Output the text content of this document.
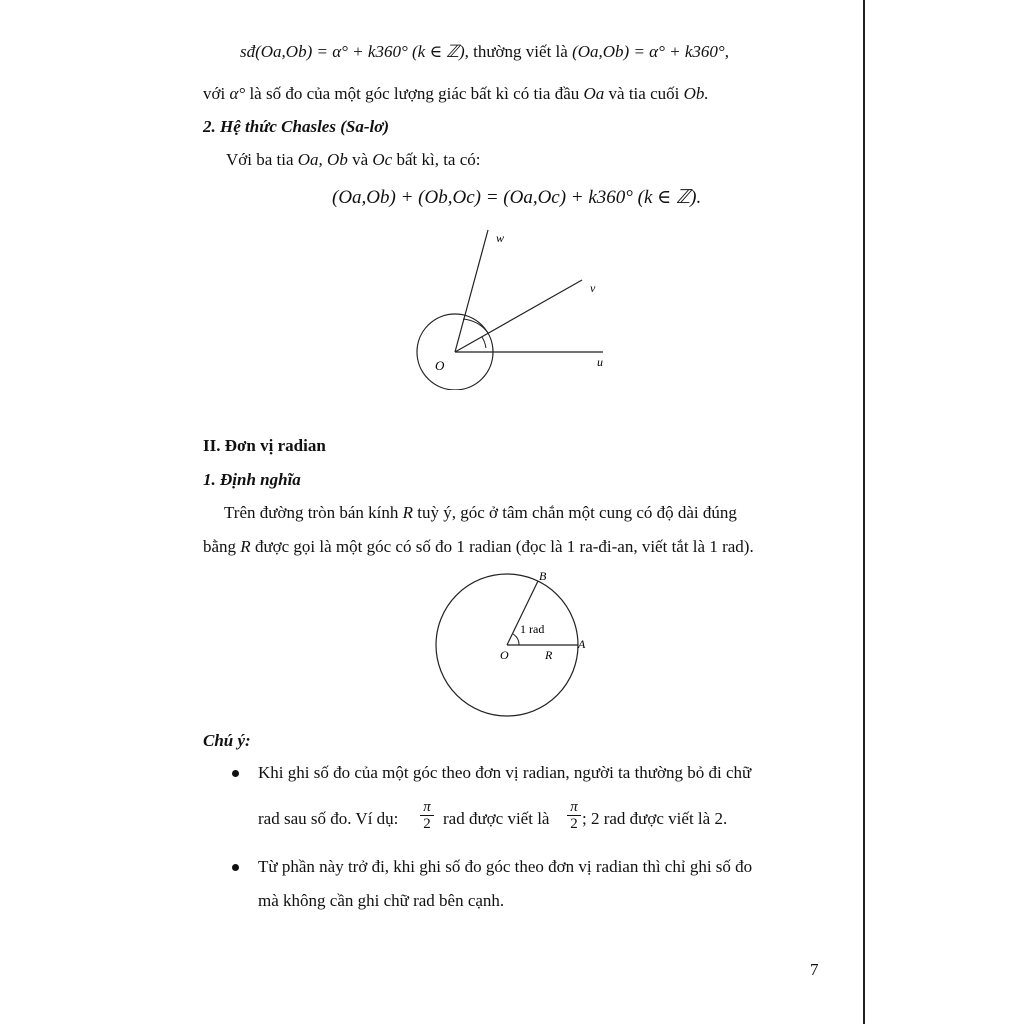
sđ(Oa,Ob) = α° + k360° (k ∈ ℤ), thường viết là (Oa,Ob) = α° + k360°,
với α° là số đo của một góc lượng giác bất kì có tia đầu Oa và tia cuối Ob.
2. Hệ thức Chasles (Sa-lơ)
Với ba tia Oa, Ob và Oc bất kì, ta có:
(Oa,Ob) + (Ob,Oc) = (Oa,Oc) + k360° (k ∈ ℤ).
w
v
u
O
II. Đơn vị radian
1. Định nghĩa
Trên đường tròn bán kính R tuỳ ý, góc ở tâm chắn một cung có độ dài đúng
bằng R được gọi là một góc có số đo 1 radian (đọc là 1 ra-đi-an, viết tắt là 1 rad).
B
A
O	R
1 rad
Chú ý:
Khi ghi số đo của một góc theo đơn vị radian, người ta thường bỏ đi chữ
rad sau số đo. Ví dụ:
π
2 rad được viết là
π
2 ; 2 rad được viết là 2.
Từ phần này trở đi, khi ghi số đo góc theo đơn vị radian thì chỉ ghi số đo
mà không cần ghi chữ rad bên cạnh.
7
